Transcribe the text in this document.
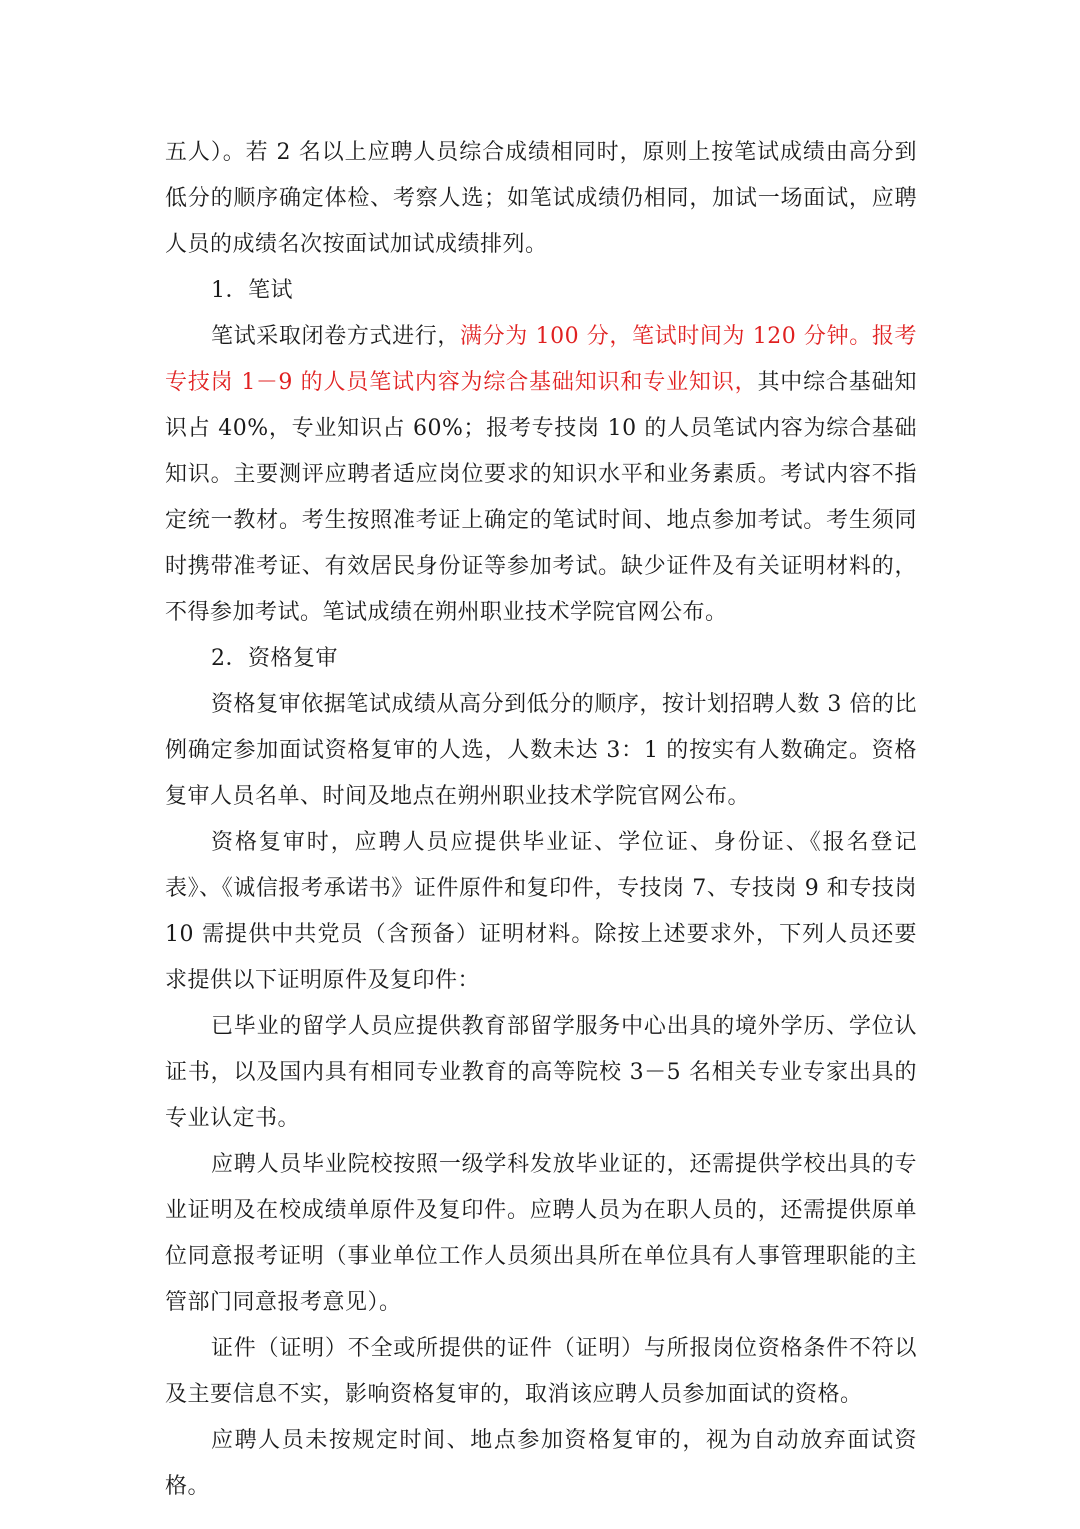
五人）。若 2 名以上应聘人员综合成绩相同时，原则上按笔试成绩由高分到低分的顺序确定体检、考察人选；如笔试成绩仍相同，加试一场面试，应聘人员的成绩名次按面试加试成绩排列。

1．笔试

笔试采取闭卷方式进行，满分为 100 分，笔试时间为 120 分钟。报考专技岗 1－9 的人员笔试内容为综合基础知识和专业知识，其中综合基础知识占 40%，专业知识占 60%；报考专技岗 10 的人员笔试内容为综合基础知识。主要测评应聘者适应岗位要求的知识水平和业务素质。考试内容不指定统一教材。考生按照准考证上确定的笔试时间、地点参加考试。考生须同时携带准考证、有效居民身份证等参加考试。缺少证件及有关证明材料的，不得参加考试。笔试成绩在朔州职业技术学院官网公布。

2．资格复审

资格复审依据笔试成绩从高分到低分的顺序，按计划招聘人数 3 倍的比例确定参加面试资格复审的人选，人数未达 3：1 的按实有人数确定。资格复审人员名单、时间及地点在朔州职业技术学院官网公布。

资格复审时，应聘人员应提供毕业证、学位证、身份证、《报名登记表》、《诚信报考承诺书》证件原件和复印件，专技岗 7、专技岗 9 和专技岗 10 需提供中共党员（含预备）证明材料。除按上述要求外，下列人员还要求提供以下证明原件及复印件：

已毕业的留学人员应提供教育部留学服务中心出具的境外学历、学位认证书，以及国内具有相同专业教育的高等院校 3－5 名相关专业专家出具的专业认定书。

应聘人员毕业院校按照一级学科发放毕业证的，还需提供学校出具的专业证明及在校成绩单原件及复印件。应聘人员为在职人员的，还需提供原单位同意报考证明（事业单位工作人员须出具所在单位具有人事管理职能的主管部门同意报考意见）。

证件（证明）不全或所提供的证件（证明）与所报岗位资格条件不符以及主要信息不实，影响资格复审的，取消该应聘人员参加面试的资格。

应聘人员未按规定时间、地点参加资格复审的，视为自动放弃面试资格。
